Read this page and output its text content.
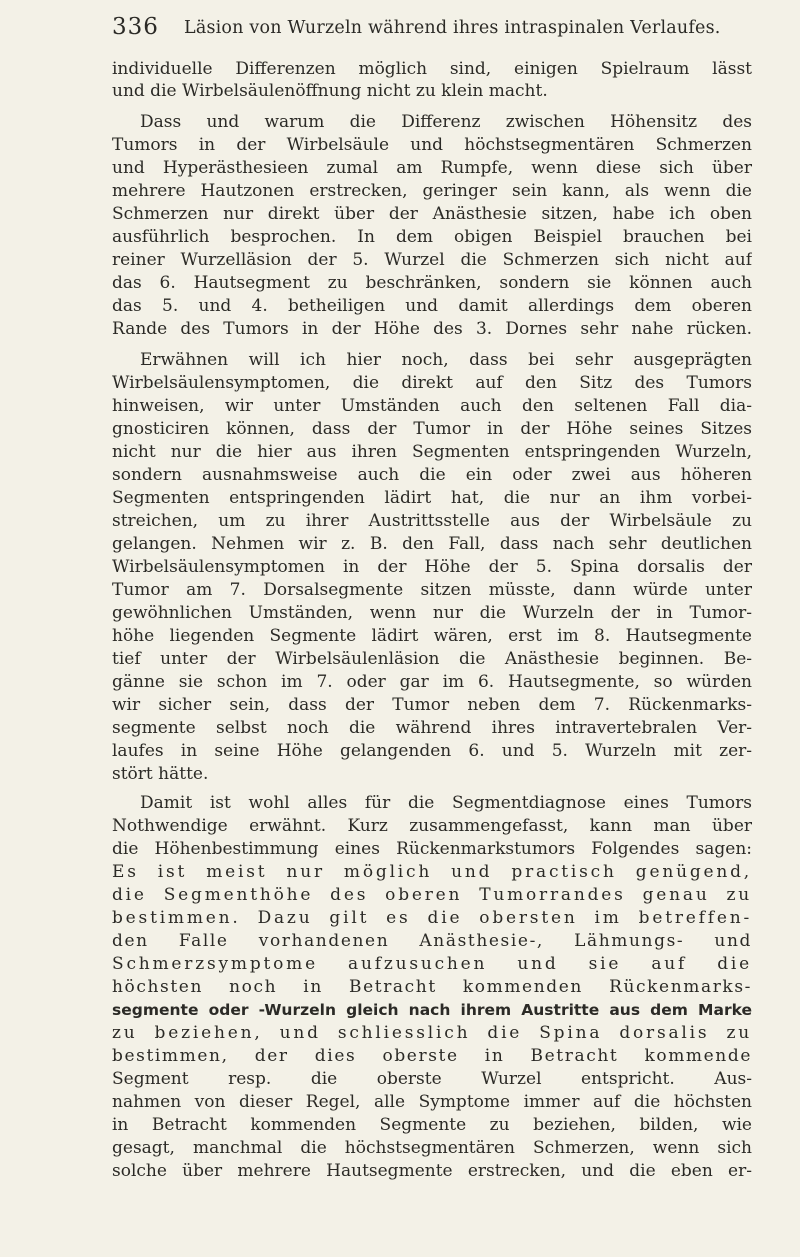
336 Läsion von Wurzeln während ihres intraspinalen Verlaufes.
individuelle Differenzen möglich sind, einigen Spielraum lässt
und die Wirbelsäulenöffnung nicht zu klein macht.
Dass und warum die Differenz zwischen Höhensitz des
Tumors in der Wirbelsäule und höchstsegmentären Schmerzen
und Hyperästhesieen zumal am Rumpfe, wenn diese sich über
mehrere Hautzonen erstrecken, geringer sein kann, als wenn die
Schmerzen nur direkt über der Anästhesie sitzen, habe ich oben
ausführlich besprochen. In dem obigen Beispiel brauchen bei
reiner Wurzelläsion der 5. Wurzel die Schmerzen sich nicht auf
das 6. Hautsegment zu beschränken, sondern sie können auch
das 5. und 4. betheiligen und damit allerdings dem oberen
Rande des Tumors in der Höhe des 3. Dornes sehr nahe rücken.
Erwähnen will ich hier noch, dass bei sehr ausgeprägten
Wirbelsäulensymptomen, die direkt auf den Sitz des Tumors
hinweisen, wir unter Umständen auch den seltenen Fall dia-
gnosticiren können, dass der Tumor in der Höhe seines Sitzes
nicht nur die hier aus ihren Segmenten entspringenden Wurzeln,
sondern ausnahmsweise auch die ein oder zwei aus höheren
Segmenten entspringenden lädirt hat, die nur an ihm vorbei-
streichen, um zu ihrer Austrittsstelle aus der Wirbelsäule zu
gelangen. Nehmen wir z. B. den Fall, dass nach sehr deutlichen
Wirbelsäulensymptomen in der Höhe der 5. Spina dorsalis der
Tumor am 7. Dorsalsegmente sitzen müsste, dann würde unter
gewöhnlichen Umständen, wenn nur die Wurzeln der in Tumor-
höhe liegenden Segmente lädirt wären, erst im 8. Hautsegmente
tief unter der Wirbelsäulenläsion die Anästhesie beginnen. Be-
gänne sie schon im 7. oder gar im 6. Hautsegmente, so würden
wir sicher sein, dass der Tumor neben dem 7. Rückenmarks-
segmente selbst noch die während ihres intravertebralen Ver-
laufes in seine Höhe gelangenden 6. und 5. Wurzeln mit zer-
stört hätte.
Damit ist wohl alles für die Segmentdiagnose eines Tumors
Nothwendige erwähnt. Kurz zusammengefasst, kann man über
die Höhenbestimmung eines Rückenmarkstumors Folgendes sagen:
Es ist meist nur möglich und practisch genügend,
die Segmenthöhe des oberen Tumorrandes genau zu
bestimmen. Dazu gilt es die obersten im betreffen-
den Falle vorhandenen Anästhesie-, Lähmungs- und
Schmerzsymptome aufzusuchen und sie auf die
höchsten noch in Betracht kommenden Rückenmarks-
segmente oder -Wurzeln gleich nach ihrem Austritte aus dem Marke
zu beziehen, und schliesslich die Spina dorsalis zu
bestimmen, der dies oberste in Betracht kommende
Segment resp. die oberste Wurzel entspricht. Aus-
nahmen von dieser Regel, alle Symptome immer auf die höchsten
in Betracht kommenden Segmente zu beziehen, bilden, wie
gesagt, manchmal die höchstsegmentären Schmerzen, wenn sich
solche über mehrere Hautsegmente erstrecken, und die eben er-
